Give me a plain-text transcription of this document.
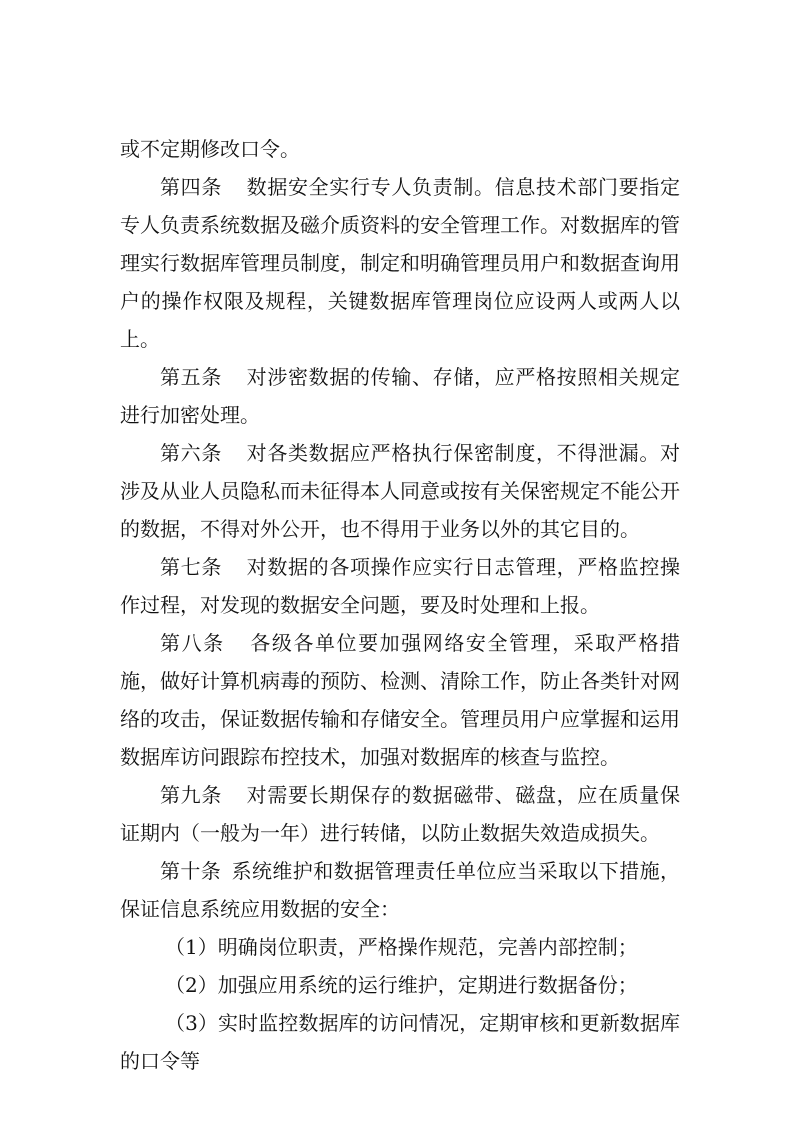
或不定期修改口令。

第四条 数据安全实行专人负责制。信息技术部门要指定专人负责系统数据及磁介质资料的安全管理工作。对数据库的管理实行数据库管理员制度，制定和明确管理员用户和数据查询用户的操作权限及规程，关键数据库管理岗位应设两人或两人以上。

第五条 对涉密数据的传输、存储，应严格按照相关规定进行加密处理。

第六条 对各类数据应严格执行保密制度，不得泄漏。对涉及从业人员隐私而未征得本人同意或按有关保密规定不能公开的数据，不得对外公开，也不得用于业务以外的其它目的。

第七条 对数据的各项操作应实行日志管理，严格监控操作过程，对发现的数据安全问题，要及时处理和上报。

第八条 各级各单位要加强网络安全管理，采取严格措施，做好计算机病毒的预防、检测、清除工作，防止各类针对网络的攻击，保证数据传输和存储安全。管理员用户应掌握和运用数据库访问跟踪布控技术，加强对数据库的核查与监控。

第九条 对需要长期保存的数据磁带、磁盘，应在质量保证期内（一般为一年）进行转储，以防止数据失效造成损失。

第十条 系统维护和数据管理责任单位应当采取以下措施，保证信息系统应用数据的安全：

（1）明确岗位职责，严格操作规范，完善内部控制；

（2）加强应用系统的运行维护，定期进行数据备份；

（3）实时监控数据库的访问情况，定期审核和更新数据库的口令等
